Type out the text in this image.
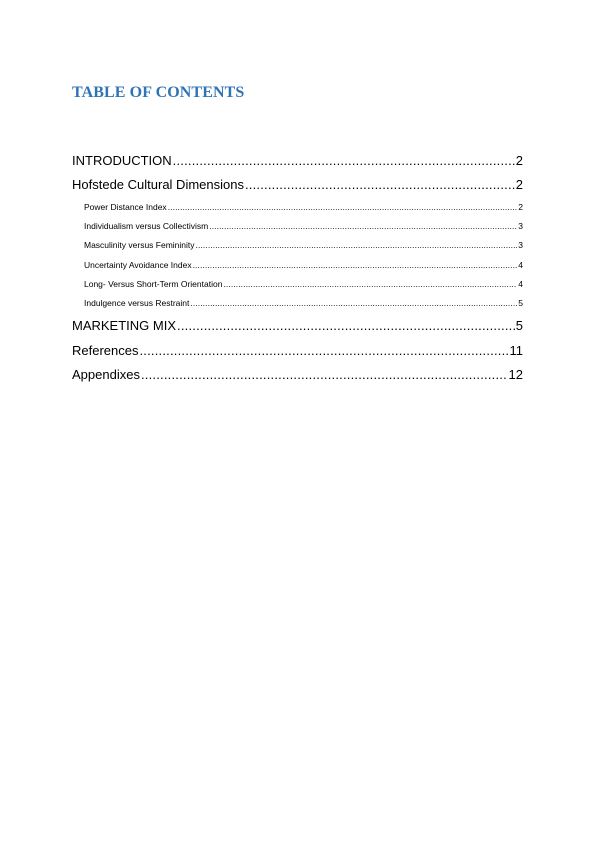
TABLE OF CONTENTS
INTRODUCTION .....	2
Hofstede Cultural Dimensions .....	2
Power Distance Index .....	2
Individualism versus Collectivism .....	3
Masculinity versus Femininity .....	3
Uncertainty Avoidance Index .....	4
Long- Versus Short-Term Orientation .....	4
Indulgence versus Restraint .....	5
MARKETING MIX .....	5
References .....	11
Appendixes .....	12
